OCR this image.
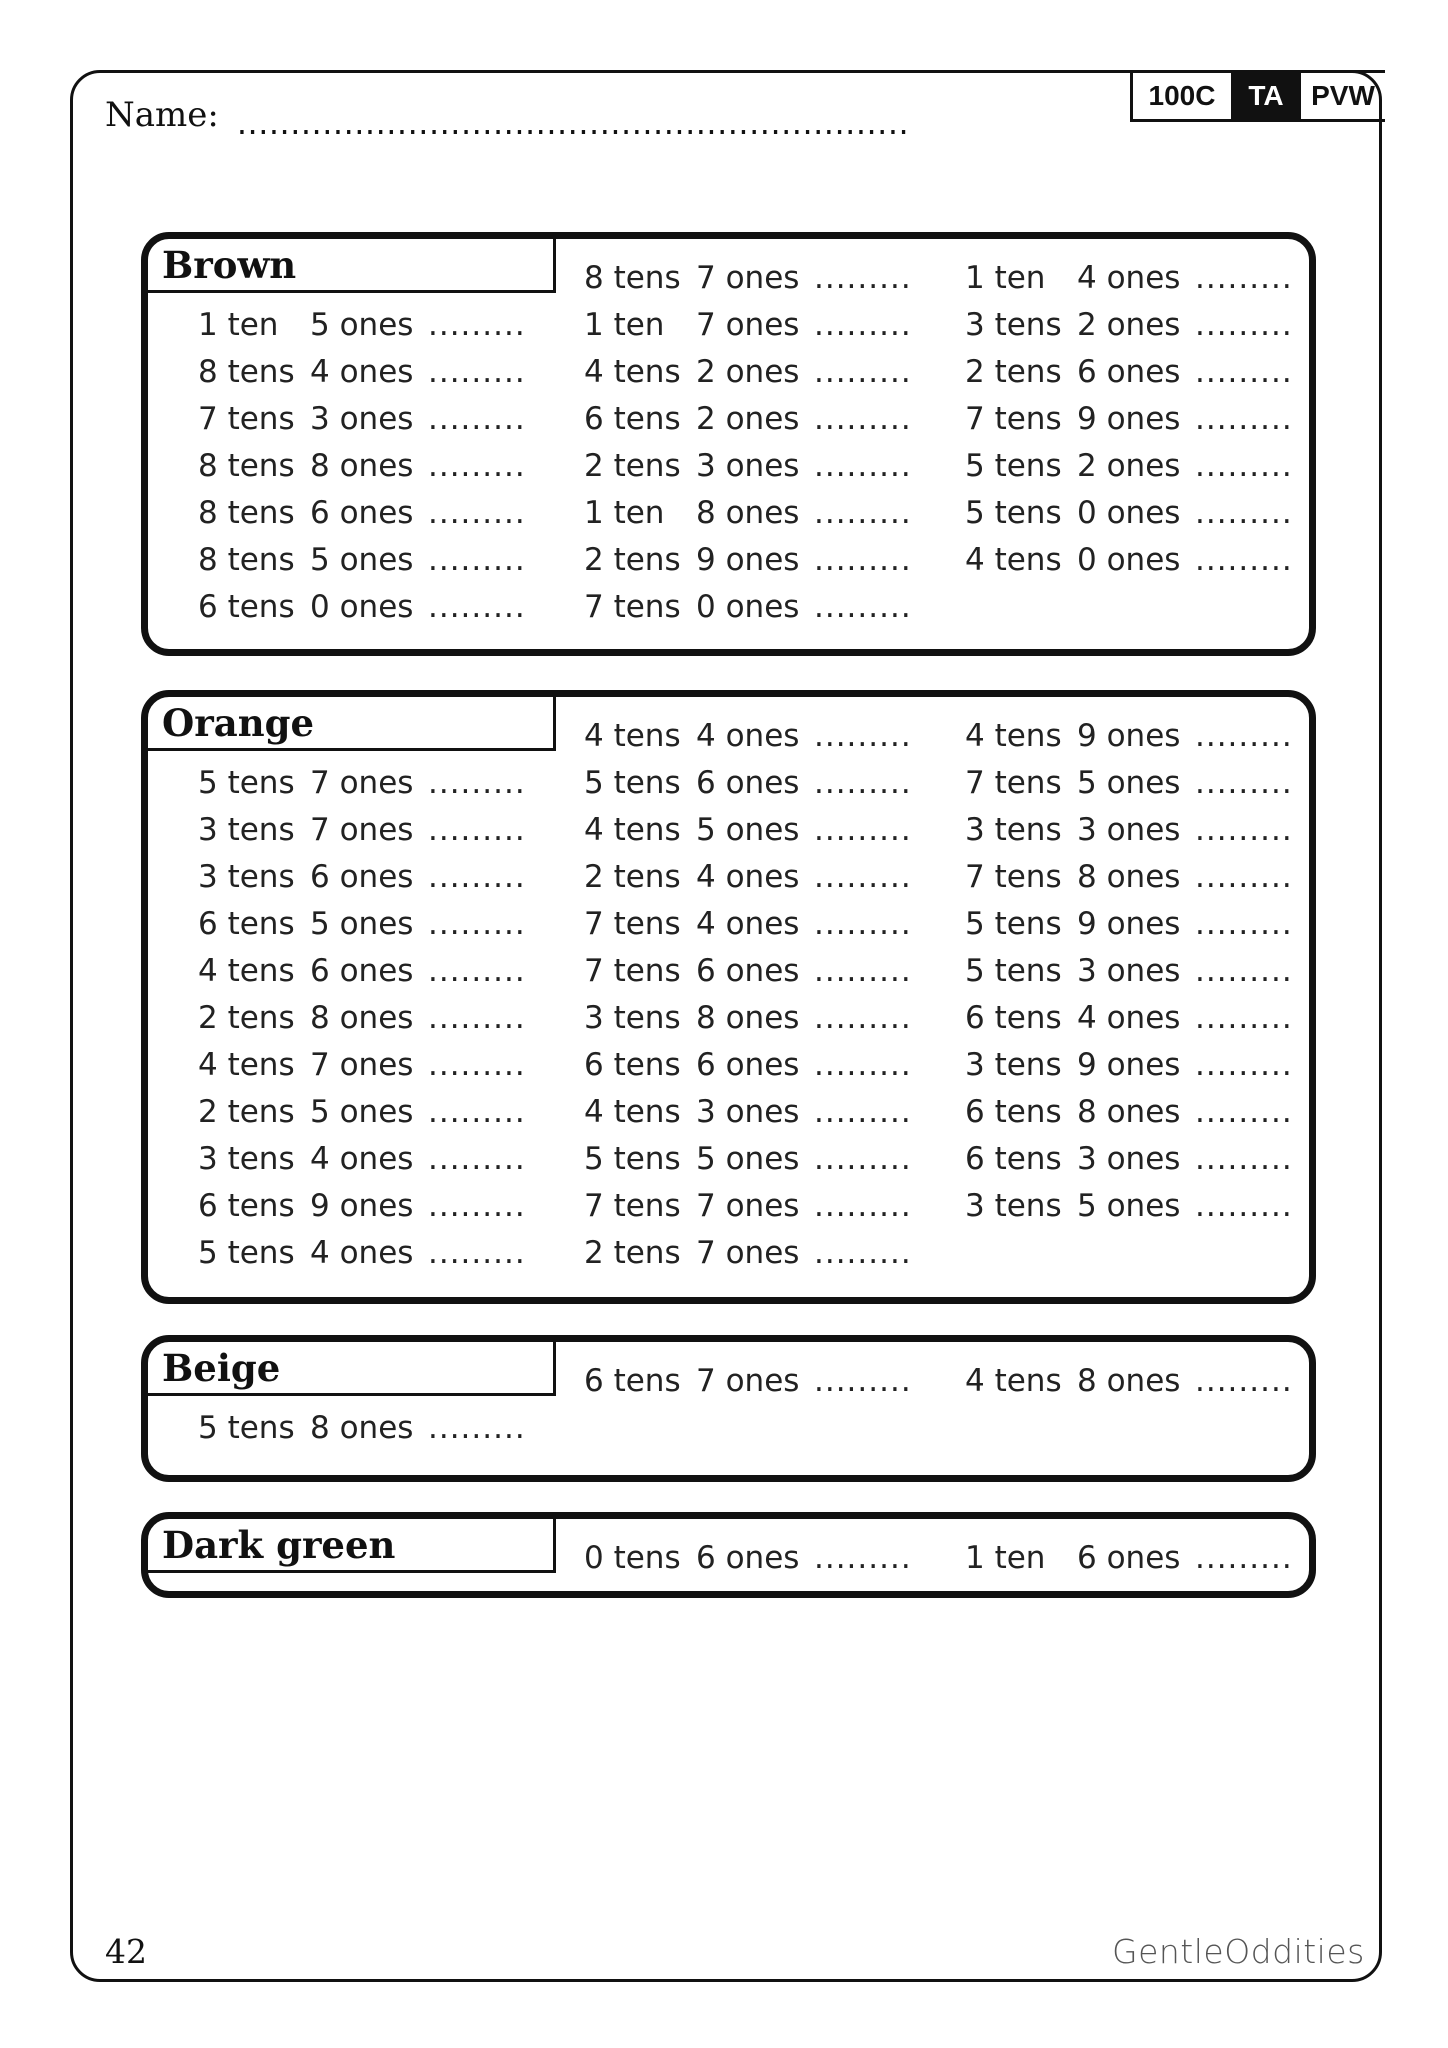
Name: ...............................................................
100C	TA PVW
Brown
1 ten	5 ones .........
8 tens 4 ones .........
7 tens 3 ones .........
8 tens 8 ones .........
8 tens 6 ones .........
8 tens 5 ones .........
6 tens 0 ones .........
8 tens 7 ones .........
1 ten	7 ones .........
4 tens 2 ones .........
6 tens 2 ones .........
2 tens 3 ones .........
1 ten	8 ones .........
2 tens 9 ones .........
7 tens 0 ones .........
1 ten	4 ones .........
3 tens 2 ones .........
2 tens 6 ones .........
7 tens 9 ones .........
5 tens 2 ones .........
5 tens 0 ones .........
4 tens 0 ones .........
Orange
5 tens 7 ones .........
3 tens 7 ones .........
3 tens 6 ones .........
6 tens 5 ones .........
4 tens 6 ones .........
2 tens 8 ones .........
4 tens 7 ones .........
2 tens 5 ones .........
3 tens 4 ones .........
6 tens 9 ones .........
5 tens 4 ones .........
4 tens 4 ones .........
5 tens 6 ones .........
4 tens 5 ones .........
2 tens 4 ones .........
7 tens 4 ones .........
7 tens 6 ones .........
3 tens 8 ones .........
6 tens 6 ones .........
4 tens 3 ones .........
5 tens 5 ones .........
7 tens 7 ones .........
2 tens 7 ones .........
4 tens 9 ones .........
7 tens 5 ones .........
3 tens 3 ones .........
7 tens 8 ones .........
5 tens 9 ones .........
5 tens 3 ones .........
6 tens 4 ones .........
3 tens 9 ones .........
6 tens 8 ones .........
6 tens 3 ones .........
3 tens 5 ones .........
Beige
5 tens 8 ones .........
6 tens 7 ones ......... 4 tens 8 ones .........
Dark green	0 tens 6 ones ......... 1 ten	6 ones .........
42	GentleOddities
